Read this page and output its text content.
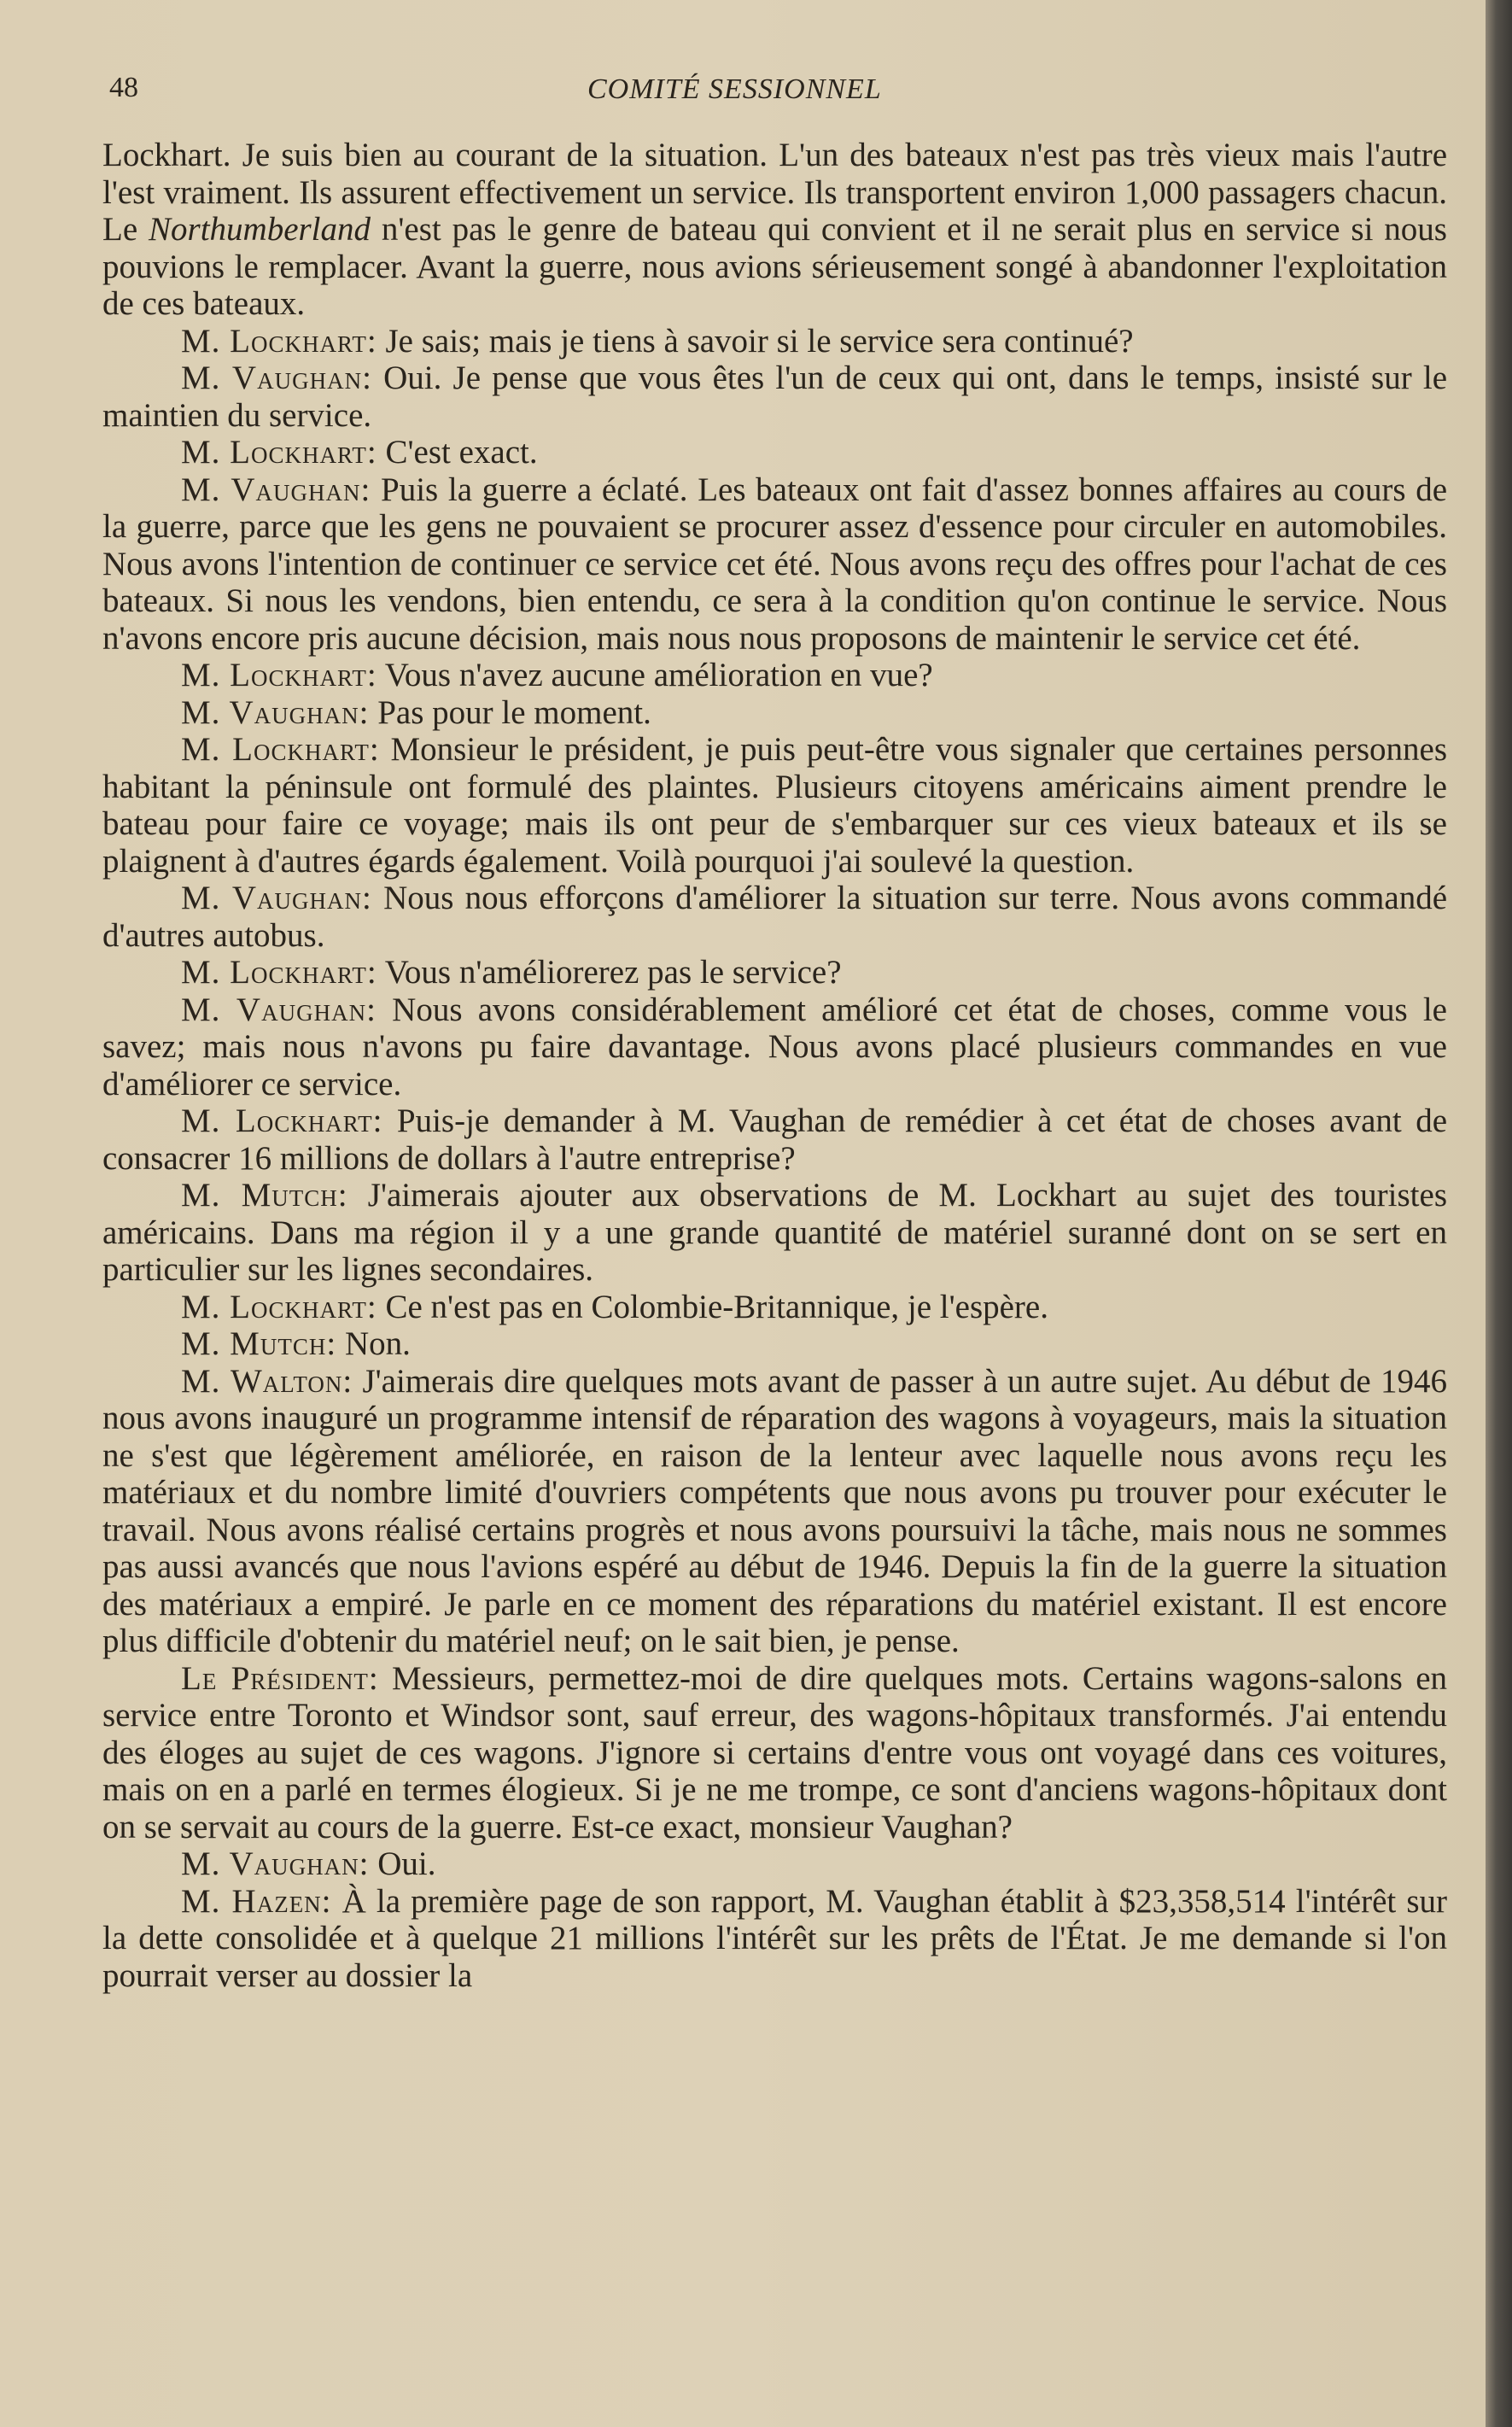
48	COMITÉ SESSIONNEL

Lockhart. Je suis bien au courant de la situation. L'un des bateaux n'est pas très vieux mais l'autre l'est vraiment. Ils assurent effectivement un service. Ils transportent environ 1,000 passagers chacun. Le Northumberland n'est pas le genre de bateau qui convient et il ne serait plus en service si nous pouvions le remplacer. Avant la guerre, nous avions sérieusement songé à abandonner l'exploitation de ces bateaux.

M. Lockhart: Je sais; mais je tiens à savoir si le service sera continué?

M. Vaughan: Oui. Je pense que vous êtes l'un de ceux qui ont, dans le temps, insisté sur le maintien du service.

M. Lockhart: C'est exact.

M. Vaughan: Puis la guerre a éclaté. Les bateaux ont fait d'assez bonnes affaires au cours de la guerre, parce que les gens ne pouvaient se procurer assez d'essence pour circuler en automobiles. Nous avons l'intention de continuer ce service cet été. Nous avons reçu des offres pour l'achat de ces bateaux. Si nous les vendons, bien entendu, ce sera à la condition qu'on continue le service. Nous n'avons encore pris aucune décision, mais nous nous proposons de maintenir le service cet été.

M. Lockhart: Vous n'avez aucune amélioration en vue?

M. Vaughan: Pas pour le moment.

M. Lockhart: Monsieur le président, je puis peut-être vous signaler que certaines personnes habitant la péninsule ont formulé des plaintes. Plusieurs citoyens américains aiment prendre le bateau pour faire ce voyage; mais ils ont peur de s'embarquer sur ces vieux bateaux et ils se plaignent à d'autres égards également. Voilà pourquoi j'ai soulevé la question.

M. Vaughan: Nous nous efforçons d'améliorer la situation sur terre. Nous avons commandé d'autres autobus.

M. Lockhart: Vous n'améliorerez pas le service?

M. Vaughan: Nous avons considérablement amélioré cet état de choses, comme vous le savez; mais nous n'avons pu faire davantage. Nous avons placé plusieurs commandes en vue d'améliorer ce service.

M. Lockhart: Puis-je demander à M. Vaughan de remédier à cet état de choses avant de consacrer 16 millions de dollars à l'autre entreprise?

M. Mutch: J'aimerais ajouter aux observations de M. Lockhart au sujet des touristes américains. Dans ma région il y a une grande quantité de matériel suranné dont on se sert en particulier sur les lignes secondaires.

M. Lockhart: Ce n'est pas en Colombie-Britannique, je l'espère.

M. Mutch: Non.

M. Walton: J'aimerais dire quelques mots avant de passer à un autre sujet. Au début de 1946 nous avons inauguré un programme intensif de réparation des wagons à voyageurs, mais la situation ne s'est que légèrement améliorée, en raison de la lenteur avec laquelle nous avons reçu les matériaux et du nombre limité d'ouvriers compétents que nous avons pu trouver pour exécuter le travail. Nous avons réalisé certains progrès et nous avons poursuivi la tâche, mais nous ne sommes pas aussi avancés que nous l'avions espéré au début de 1946. Depuis la fin de la guerre la situation des matériaux a empiré. Je parle en ce moment des réparations du matériel existant. Il est encore plus difficile d'obtenir du matériel neuf; on le sait bien, je pense.

Le Président: Messieurs, permettez-moi de dire quelques mots. Certains wagons-salons en service entre Toronto et Windsor sont, sauf erreur, des wagons-hôpitaux transformés. J'ai entendu des éloges au sujet de ces wagons. J'ignore si certains d'entre vous ont voyagé dans ces voitures, mais on en a parlé en termes élogieux. Si je ne me trompe, ce sont d'anciens wagons-hôpitaux dont on se servait au cours de la guerre. Est-ce exact, monsieur Vaughan?

M. Vaughan: Oui.

M. Hazen: À la première page de son rapport, M. Vaughan établit à $23,358,514 l'intérêt sur la dette consolidée et à quelque 21 millions l'intérêt sur les prêts de l'État. Je me demande si l'on pourrait verser au dossier la
